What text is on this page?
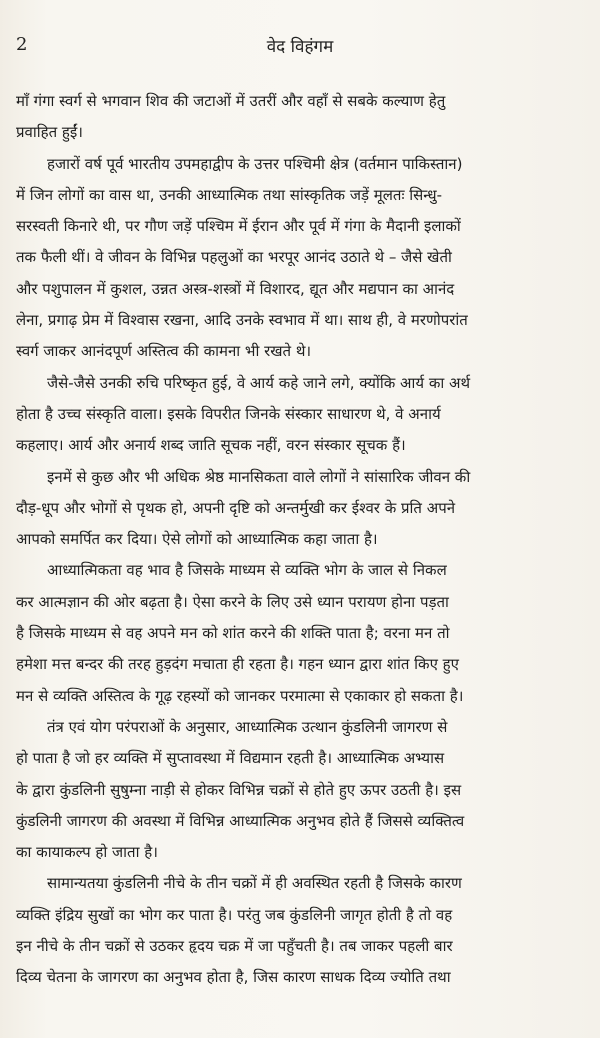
2	वेद विहंगम

माँ गंगा स्वर्ग से भगवान शिव की जटाओं में उतरीं और वहाँ से सबके कल्याण हेतु
प्रवाहित हुईं।

हजारों वर्ष पूर्व भारतीय उपमहाद्वीप के उत्तर पश्चिमी क्षेत्र (वर्तमान पाकिस्तान)
में जिन लोगों का वास था, उनकी आध्यात्मिक तथा सांस्कृतिक जड़ें मूलतः सिन्धु-
सरस्वती किनारे थी, पर गौण जड़ें पश्चिम में ईरान और पूर्व में गंगा के मैदानी इलाकों
तक फैली थीं। वे जीवन के विभिन्न पहलुओं का भरपूर आनंद उठाते थे – जैसे खेती
और पशुपालन में कुशल, उन्नत अस्त्र-शस्त्रों में विशारद, द्यूत और मद्यपान का आनंद
लेना, प्रगाढ़ प्रेम में विश्वास रखना, आदि उनके स्वभाव में था। साथ ही, वे मरणोपरांत
स्वर्ग जाकर आनंदपूर्ण अस्तित्व की कामना भी रखते थे।

जैसे-जैसे उनकी रुचि परिष्कृत हुई, वे आर्य कहे जाने लगे, क्योंकि आर्य का अर्थ
होता है उच्च संस्कृति वाला। इसके विपरीत जिनके संस्कार साधारण थे, वे अनार्य
कहलाए। आर्य और अनार्य शब्द जाति सूचक नहीं, वरन संस्कार सूचक हैं।

इनमें से कुछ और भी अधिक श्रेष्ठ मानसिकता वाले लोगों ने सांसारिक जीवन की
दौड़-धूप और भोगों से पृथक हो, अपनी दृष्टि को अन्तर्मुखी कर ईश्वर के प्रति अपने
आपको समर्पित कर दिया। ऐसे लोगों को आध्यात्मिक कहा जाता है।

आध्यात्मिकता वह भाव है जिसके माध्यम से व्यक्ति भोग के जाल से निकल
कर आत्मज्ञान की ओर बढ़ता है। ऐसा करने के लिए उसे ध्यान परायण होना पड़ता
है जिसके माध्यम से वह अपने मन को शांत करने की शक्ति पाता है; वरना मन तो
हमेशा मत्त बन्दर की तरह हुड़दंग मचाता ही रहता है। गहन ध्यान द्वारा शांत किए हुए
मन से व्यक्ति अस्तित्व के गूढ़ रहस्यों को जानकर परमात्मा से एकाकार हो सकता है।

तंत्र एवं योग परंपराओं के अनुसार, आध्यात्मिक उत्थान कुंडलिनी जागरण से
हो पाता है जो हर व्यक्ति में सुप्तावस्था में विद्यमान रहती है। आध्यात्मिक अभ्यास
के द्वारा कुंडलिनी सुषुम्ना नाड़ी से होकर विभिन्न चक्रों से होते हुए ऊपर उठती है। इस
कुंडलिनी जागरण की अवस्था में विभिन्न आध्यात्मिक अनुभव होते हैं जिससे व्यक्तित्व
का कायाकल्प हो जाता है।

सामान्यतया कुंडलिनी नीचे के तीन चक्रों में ही अवस्थित रहती है जिसके कारण
व्यक्ति इंद्रिय सुखों का भोग कर पाता है। परंतु जब कुंडलिनी जागृत होती है तो वह
इन नीचे के तीन चक्रों से उठकर हृदय चक्र में जा पहुँचती है। तब जाकर पहली बार
दिव्य चेतना के जागरण का अनुभव होता है, जिस कारण साधक दिव्य ज्योति तथा
